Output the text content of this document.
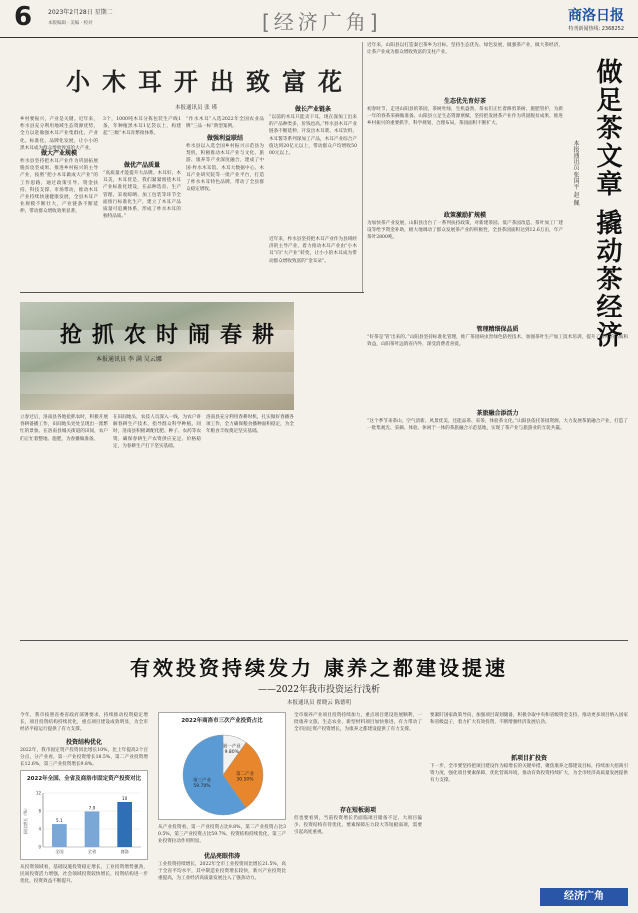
6	2023年2月28日 星期二
本版编辑 · 美编 · 校对	[经济广角]	商洛日报
特刊新闻热线: 2368252
小木耳开出致富花
本报通讯员 张 瑾
乡村要振兴，产业是关键。近年来，柞水县充分利用地域生态资源优势，全力以赴做强木耳产业集群化、产业化、标准化、品牌化发展，让小小的黑木耳成为群众增收致富的大产业。
做大产业规模
柞水县坚持把木耳产业作为巩固拓展脱贫攻坚成果、推进乡村振兴的主导产业，按照“把小木耳做成大产业”的工作思路，通过政策引导、资金扶持、科技支撑、市场带动，推动木耳产业持续快速健康发展，全县木耳产业规模不断壮大，产业链条不断延伸，带动群众增收效果显著。
3个，1000吨木耳分拣包装生产线1条，年种植黑木耳1亿袋以上，构建起“三级”木耳育繁推体系。
做优产品质量
“高质量才能提升大品牌。木耳好，木耳美，木耳优是，我们紧紧围绕木耳产业标准化建设，在品种选育、生产管理、采收晾晒、加工包装等环节全面推行标准化生产，建立了木耳产品质量可追溯体系，形成了柞水木耳的独特品质。”
“作水木耳”入选2022年全国农业品牌“三品一标”典型案例。
做强利益联结
柞水县以入选全国乡村振兴示范县为契机，积极推动木耳产业与文化、旅游、康养等产业深度融合，建成了中国·柞水木耳馆、木耳大数据中心、木耳产业研究院等一批产业平台，打造了柞水木耳特色品牌，带动了全县群众稳定增收。
做长产业链条
“以前的木耳只能卖干耳，现在深加工出来的产品种类多，价钱也高。”柞水县木耳产业链条不断延伸，开发出木耳菜、木耳饮料、木耳酱等系列深加工产品，木耳产业综合产值达到20亿元以上，带动群众户均增收5000元以上。
近年来，柞水县坚持把木耳产业作为县域经济的主导产业，着力推动木耳产业由“小木耳”向“大产业”转变，让小小的木耳成为带动群众增收致富的“金耳朵”。
近年来，山阳县以打造秦巴茶乡为目标，坚持生态优先、绿色发展，做强茶产业，做大茶经济，让茶产业成为群众增收致富的支柱产业。
生态优先育好茶
初春时节，走进山阳县的茶园，茶树吐绿，生机盎然，茶农们正忙着修剪茶树、施肥管护，为新一年的春茶采摘做准备。山阳县立足生态资源禀赋，坚持把发展茶产业作为巩固脱贫成果、推进乡村振兴的重要抓手，科学规划，合理布局，茶园面积不断扩大。
政策激励扩规模
为加快茶产业发展，山阳县出台了一系列扶持政策，对新建茶园、低产茶园改造、茶叶加工厂建设等给予资金补助，极大地调动了群众发展茶产业的积极性，全县茶园面积达到12.6万亩，年产茶叶2800吨。
管理精细保品质
“好茶是‘管’出来的。”山阳县坚持标准化管理，推广茶园病虫害绿色防控技术，加强茶叶生产加工技术培训，提升了茶叶的品质和效益，山阳茶叶远销省内外，深受消费者喜爱。
茶旅融合添活力
“这个季节来茶山，空气清新、风景优美，还能品茶、采茶，体验茶文化。”山阳县依托茶园资源，大力发展茶旅融合产业，打造了一批集观光、采摘、体验、休闲于一体的茶旅融合示范基地，实现了茶产业与旅游业的互促共赢。
做足茶文章 撬动茶经济
本报通讯员 张国平 赵 佩
抢抓农时闹春耕
本报通讯员 李 满 吴云娜
立春过后，洛南县各地抢抓农时，积极开展春耕备播工作，田间地头处处呈现出一派繁忙的景象。在洛南县城关街道的田间，农户们正忙着整地、施肥，为春播做准备。
在田间地头，农技人员深入一线，为农户讲解春耕生产技术，指导群众科学种植。同时，洛南县积极调配化肥、种子、农药等农资，确保春耕生产农资供应充足、价格稳定，为春耕生产打下坚实基础。
洛南县充分利用春耕时机，扎实做好春播各项工作，全力确保粮食播种面积稳定，为全年粮食丰收奠定坚实基础。
有效投资持续发力 康养之都建设提速
——2022年我市投资运行浅析
本报通讯员 翟晓云 陈德明
今年，我市按照省委省政府部署要求，持续推动投资稳定增长，项目投资结构持续优化，重点项目建设成效明显，为全市经济平稳运行提供了有力支撑。
投资结构优化
2022年，我市固定资产投资同比增长10%，比上年提高2个百分点，分产业看，第一产业投资增长18.5%，第二产业投资增长12.6%，第三产业投资增长9.8%。
2022年全国、全省及商洛市固定资产投资对比
0
4
8
12
同比增长（%）	5.1
全国
7.9
全省
10
商洛
从投资领域看，基础设施投资稳定增长，工业投资增势强劲，民间投资活力增强，社会领域投资较快增长，投资结构进一步优化，投资效益不断提升。
2022年商洛市三次产业投资占比
第一产业
9.80%
第二产业
30.50%
第三产业
59.70%
从产业投资看，第一产业投资占比9.8%，第二产业投资占比30.5%，第三产业投资占比59.7%，投资结构持续优化，第三产业投资拉动作用明显。
优品亮眼伟涛
工业投资持续增长，2022年全市工业投资同比增长21.5%，高于全省平均水平，其中制造业投资增长较快，新兴产业投资比重提高，为工业经济高质量发展注入了强劲动力。
全市康养产业项目投资持续加力，重点项目建设进展顺利，一批康养文旅、生态农业、新型材料项目加快推进，有力带动了全市固定资产投资增长，为康养之都建设提供了有力支撑。
存在短板弱项
但也要看到，当前投资增长仍面临项目储备不足、大项目偏少、投资结构有待优化、要素保障压力较大等短板弱项，需要引起高度重视。
要紧盯国家政策导向，加强项目谋划储备，积极争取中央和省级资金支持，推动更多项目纳入国家和省级盘子，着力扩大有效投资，不断增强经济发展后劲。
抓项目扩投资
下一步，全市要坚持把项目建设作为稳增长的关键举措，聚焦康养之都建设目标，持续加大招商引资力度，强化项目要素保障，优化营商环境，推动有效投资持续扩大，为全市经济高质量发展提供有力支撑。
经济广角
